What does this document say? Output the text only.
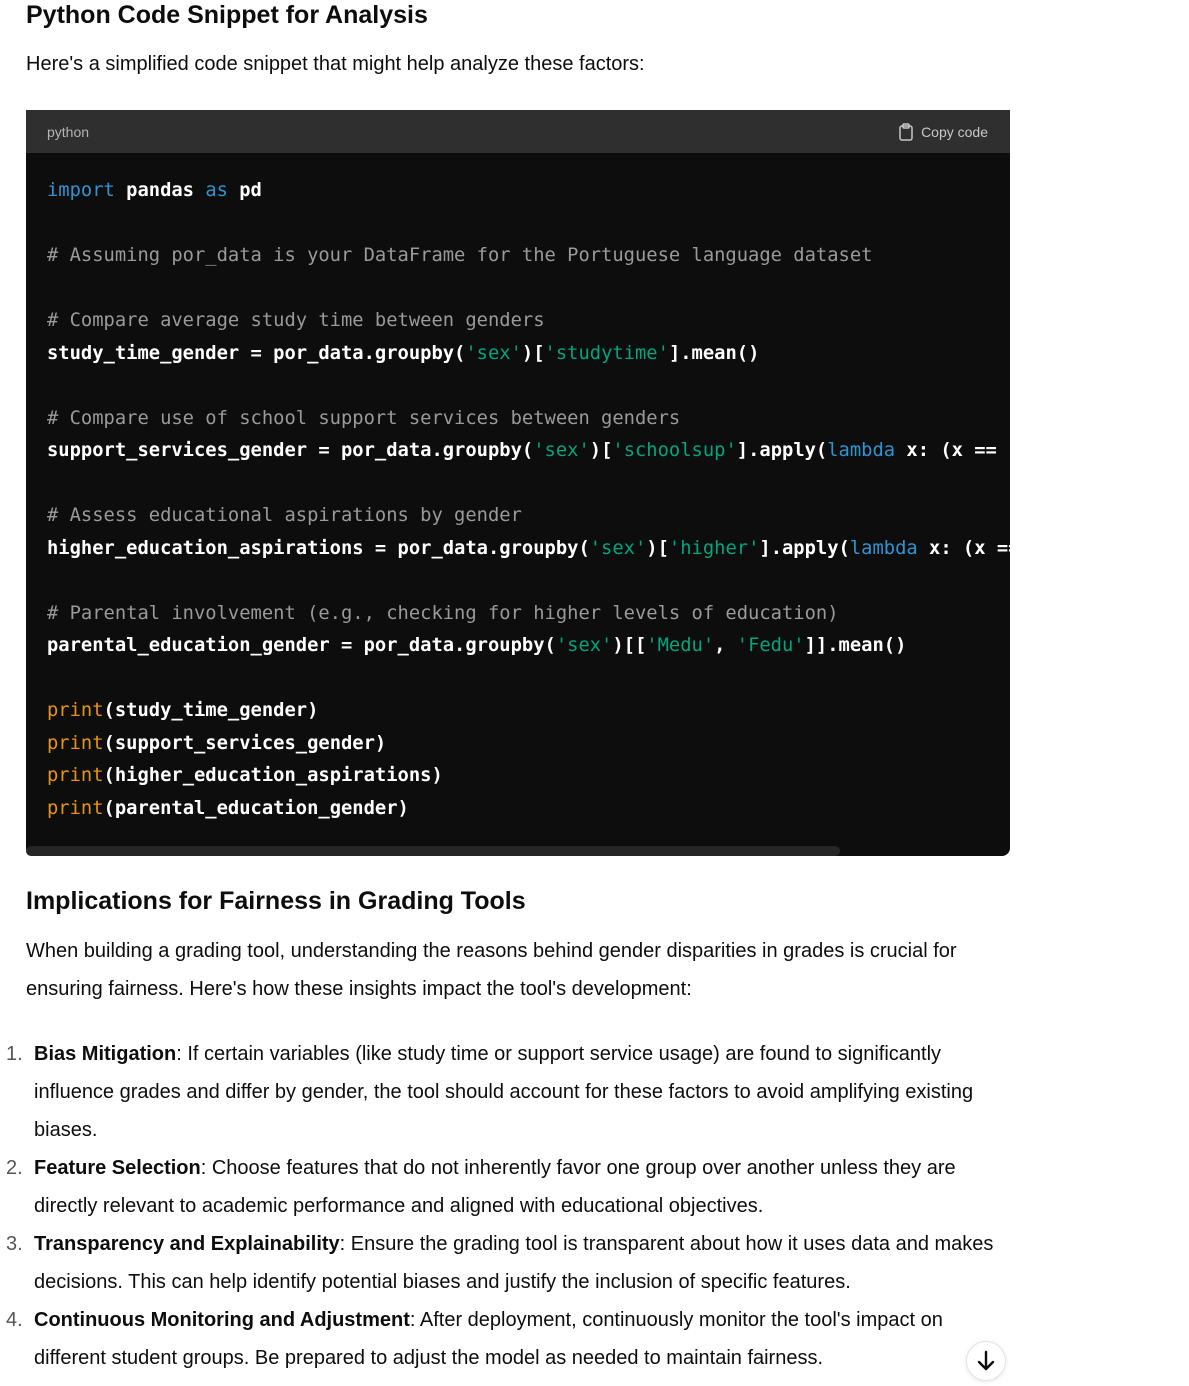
Python Code Snippet for Analysis

Here's a simplified code snippet that might help analyze these factors:

python	Copy code
import pandas as pd
# Assuming por_data is your DataFrame for the Portuguese language dataset
# Compare average study time between genders
study_time_gender = por_data.groupby('sex')['studytime'].mean()
# Compare use of school support services between genders
support_services_gender = por_data.groupby('sex')['schoolsup'].apply(lambda x: (x == 'yes').mean())
# Assess educational aspirations by gender
higher_education_aspirations = por_data.groupby('sex')['higher'].apply(lambda x: (x == 'yes').mean())
# Parental involvement (e.g., checking for higher levels of education)
parental_education_gender = por_data.groupby('sex')[['Medu', 'Fedu']].mean()
print(study_time_gender)
print(support_services_gender)
print(higher_education_aspirations)
print(parental_education_gender)
Implications for Fairness in Grading Tools

When building a grading tool, understanding the reasons behind gender disparities in grades is crucial for ensuring fairness. Here's how these insights impact the tool's development:

1. Bias Mitigation: If certain variables (like study time or support service usage) are found to significantly influence grades and differ by gender, the tool should account for these factors to avoid amplifying existing biases.
2. Feature Selection: Choose features that do not inherently favor one group over another unless they are directly relevant to academic performance and aligned with educational objectives.
3. Transparency and Explainability: Ensure the grading tool is transparent about how it uses data and makes decisions. This can help identify potential biases and justify the inclusion of specific features.
4. Continuous Monitoring and Adjustment: After deployment, continuously monitor the tool's impact on different student groups. Be prepared to adjust the model as needed to maintain fairness.
